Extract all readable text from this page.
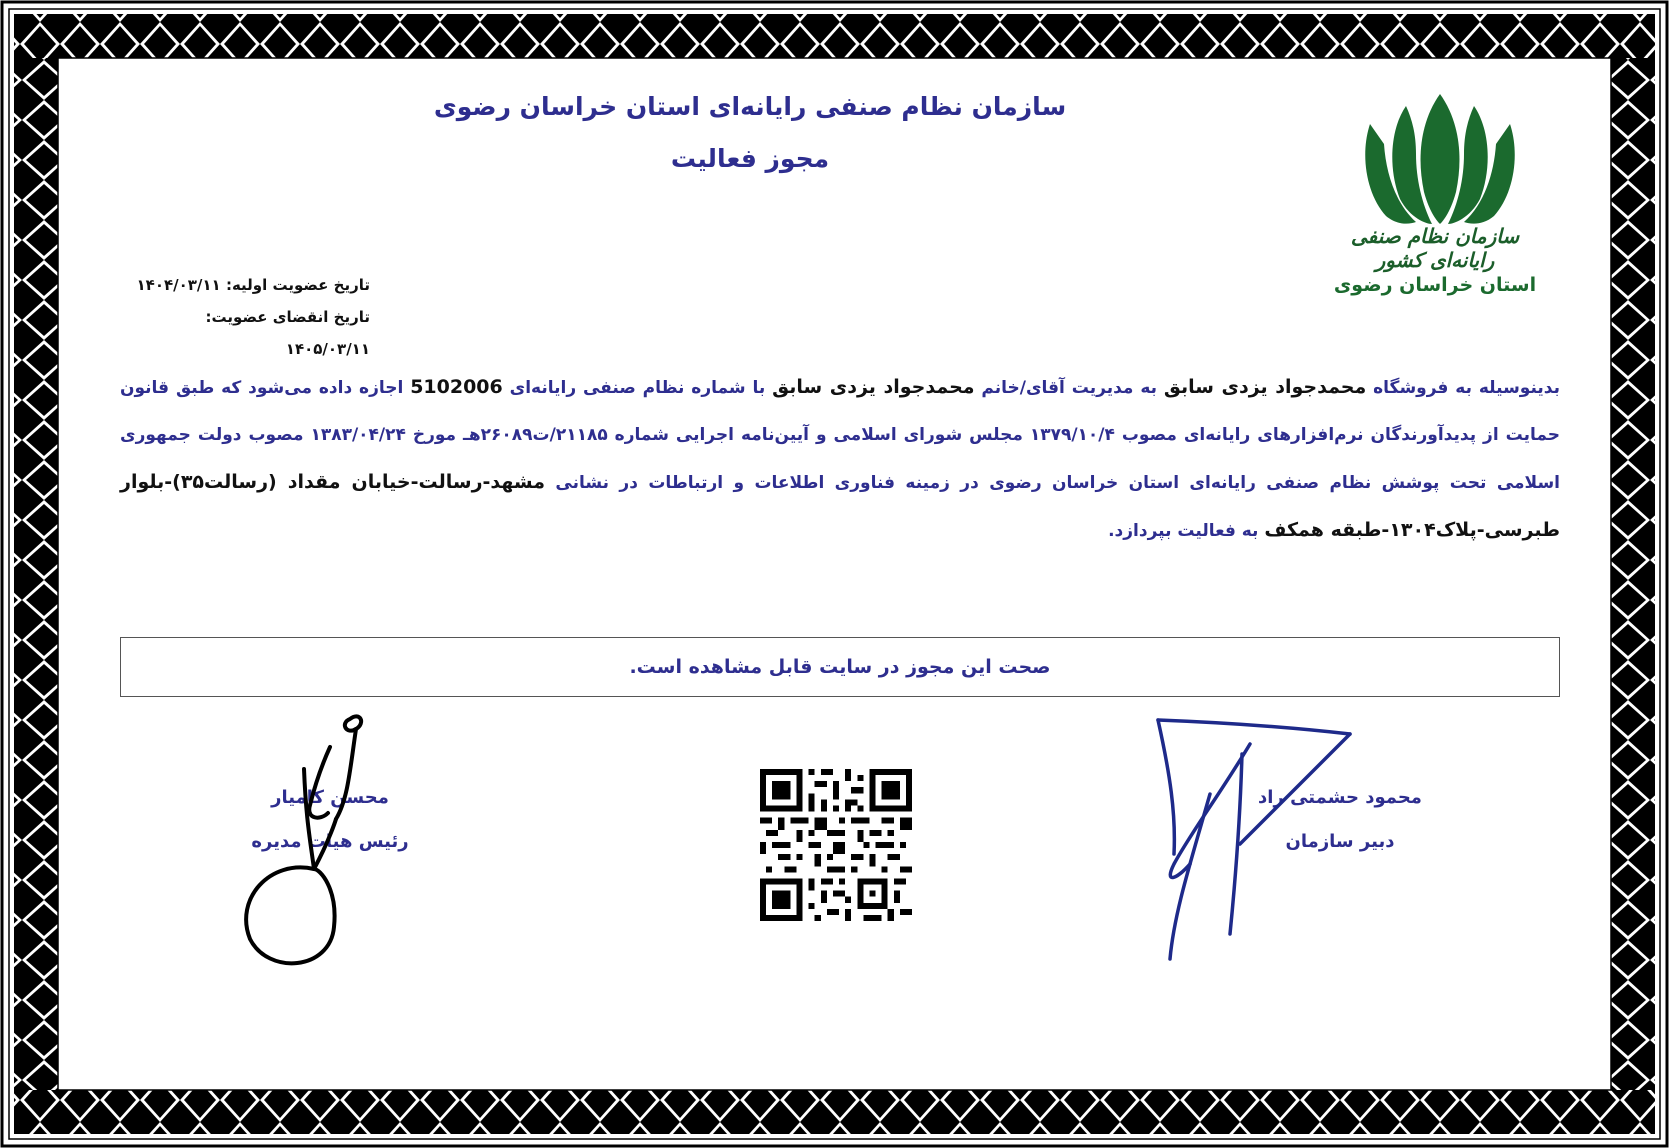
سازمان نظام صنفی رایانه‌ای استان خراسان رضوی
مجوز فعالیت
سازمان نظام صنفی رایانه‌ای کشور
استان خراسان رضوی
تاریخ عضویت اولیه: ۱۴۰۴/۰۳/۱۱
تاریخ انقضای عضویت: ۱۴۰۵/۰۳/۱۱
بدینوسیله به فروشگاه محمدجواد یزدی سابق به مدیریت آقای/خانم محمدجواد یزدی سابق با شماره نظام صنفی رایانه‌ای 5102006 اجازه داده می‌شود که طبق قانون حمایت از پدیدآورندگان نرم‌افزارهای رایانه‌ای مصوب ۱۳۷۹/۱۰/۴ مجلس شورای اسلامی و آیین‌نامه اجرایی شماره ۲۱۱۸۵/ت۲۶۰۸۹هـ مورخ ۱۳۸۳/۰۴/۲۴ مصوب دولت جمهوری اسلامی تحت پوشش نظام صنفی رایانه‌ای استان خراسان رضوی در زمینه فناوری اطلاعات و ارتباطات در نشانی مشهد-رسالت-خیابان مقداد (رسالت۳۵)-بلوار طبرسی-پلاک۱۳۰۴-طبقه همکف به فعالیت بپردازد.
صحت این مجوز در سایت قابل مشاهده است.
محسن کامیار
رئیس هیات مدیره
محمود حشمتی راد
دبیر سازمان
